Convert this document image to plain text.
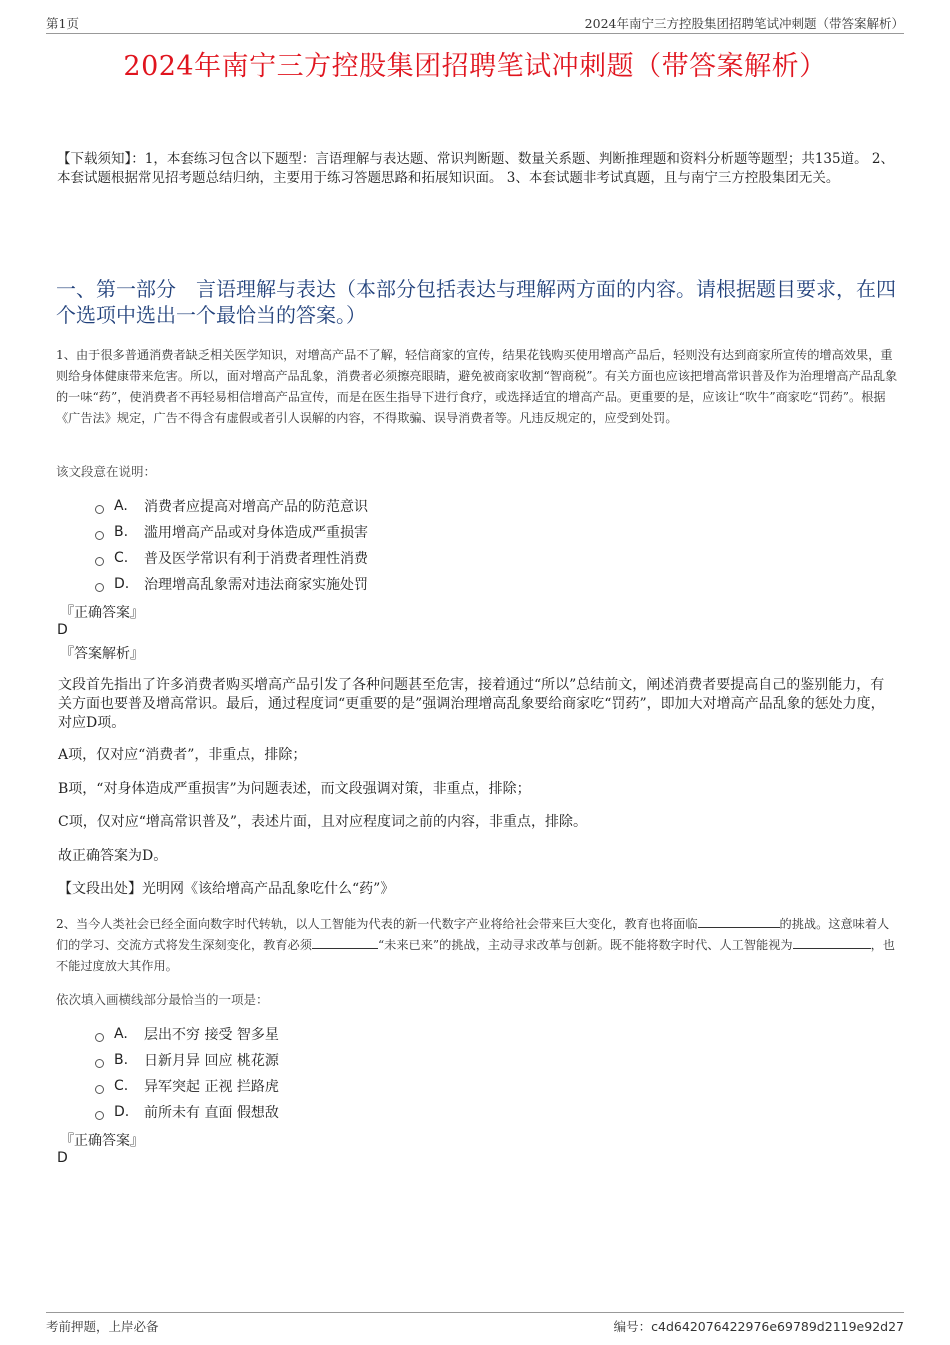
第1页	2024年南宁三方控股集团招聘笔试冲刺题（带答案解析）
2024年南宁三方控股集团招聘笔试冲刺题（带答案解析）
【下载须知】：1，本套练习包含以下题型：言语理解与表达题、常识判断题、数量关系题、判断推理题和资料分析题等题型；共135道。 2、本套试题根据常见招考题总结归纳，主要用于练习答题思路和拓展知识面。 3、本套试题非考试真题，且与南宁三方控股集团无关。
一、第一部分　言语理解与表达（本部分包括表达与理解两方面的内容。请根据题目要求，在四个选项中选出一个最恰当的答案。）
1、由于很多普通消费者缺乏相关医学知识，对增高产品不了解，轻信商家的宣传，结果花钱购买使用增高产品后，轻则没有达到商家所宣传的增高效果，重则给身体健康带来危害。所以，面对增高产品乱象，消费者必须擦亮眼睛，避免被商家收割“智商税”。有关方面也应该把增高常识普及作为治理增高产品乱象的一味“药”，使消费者不再轻易相信增高产品宣传，而是在医生指导下进行食疗，或选择适宜的增高产品。更重要的是，应该让“吹牛”商家吃“罚药”。根据《广告法》规定，广告不得含有虚假或者引人误解的内容，不得欺骗、误导消费者等。凡违反规定的，应受到处罚。
该文段意在说明：
A.	消费者应提高对增高产品的防范意识
B.	滥用增高产品或对身体造成严重损害
C.	普及医学常识有利于消费者理性消费
D.	治理增高乱象需对违法商家实施处罚
『正确答案』
D
『答案解析』
文段首先指出了许多消费者购买增高产品引发了各种问题甚至危害，接着通过“所以”总结前文，阐述消费者要提高自己的鉴别能力，有关方面也要普及增高常识。最后，通过程度词“更重要的是”强调治理增高乱象要给商家吃“罚药”，即加大对增高产品乱象的惩处力度，对应D项。
A项，仅对应“消费者”，非重点，排除；
B项，“对身体造成严重损害”为问题表述，而文段强调对策，非重点，排除；
C项，仅对应“增高常识普及”，表述片面，且对应程度词之前的内容，非重点，排除。
故正确答案为D。
【文段出处】光明网《该给增高产品乱象吃什么“药”》
2、当今人类社会已经全面向数字时代转轨，以人工智能为代表的新一代数字产业将给社会带来巨大变化，教育也将面临	的挑战。这意味着人们的学习、交流方式将发生深刻变化，教育必须	“未来已来”的挑战，主动寻求改革与创新。既不能将数字时代、人工智能视为	，也不能过度放大其作用。
依次填入画横线部分最恰当的一项是：
A.	层出不穷 接受 智多星
B.	日新月异 回应 桃花源
C.	异军突起 正视 拦路虎
D.	前所未有 直面 假想敌
『正确答案』
D
考前押题，上岸必备	编号：c4d642076422976e69789d2119e92d27
